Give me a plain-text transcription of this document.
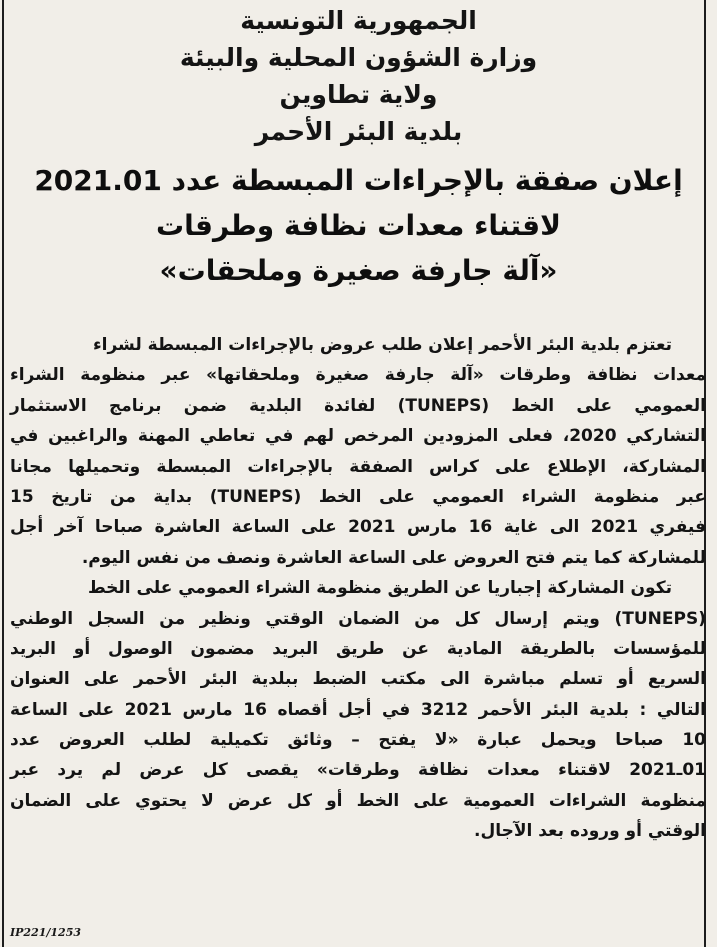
الجمهورية التونسية
وزارة الشؤون المحلية والبيئة
ولاية تطاوين
بلدية البئر الأحمر
إعلان صفقة بالإجراءات المبسطة عدد 2021.01
لاقتناء معدات نظافة وطرقات
«آلة جارفة صغيرة وملحقات»
تعتزم بلدية البئر الأحمر إعلان طلب عروض بالإجراءات المبسطة لشراء
معدات نظافة وطرقات «آلة جارفة صغيرة وملحقاتها» عبر منظومة الشراء
العمومي على الخط (TUNEPS) لفائدة البلدية ضمن برنامج الاستثمار
التشاركي 2020، فعلى المزودين المرخص لهم في تعاطي المهنة والراغبين في
المشاركة، الإطلاع على كراس الصفقة بالإجراءات المبسطة وتحميلها مجانا
عبر منظومة الشراء العمومي على الخط (TUNEPS) بداية من تاريخ 15
فيفري 2021 الى غاية 16 مارس 2021 على الساعة العاشرة صباحا آخر أجل
للمشاركة كما يتم فتح العروض على الساعة العاشرة ونصف من نفس اليوم.
تكون المشاركة إجباريا عن الطريق منظومة الشراء العمومي على الخط
(TUNEPS) ويتم إرسال كل من الضمان الوقتي ونظير من السجل الوطني
للمؤسسات بالطريقة المادية عن طريق البريد مضمون الوصول أو البريد
السريع أو تسلم مباشرة الى مكتب الضبط ببلدية البئر الأحمر على العنوان
التالي : بلدية البئر الأحمر 3212 في أجل أقصاه 16 مارس 2021 على الساعة
10 صباحا ويحمل عبارة «لا يفتح – وثائق تكميلية لطلب العروض عدد
01ـ2021 لاقتناء معدات نظافة وطرقات» يقصى كل عرض لم يرد عبر
منظومة الشراءات العمومية على الخط أو كل عرض لا يحتوي على الضمان
الوقتي أو وروده بعد الآجال.
IP221/1253
